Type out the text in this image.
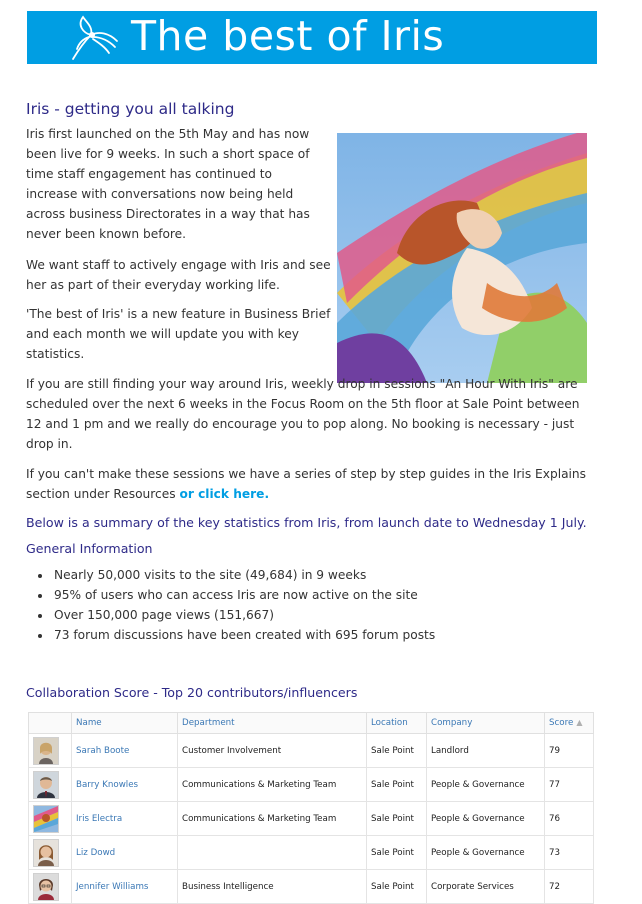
The best of Iris
Iris - getting you all talking

Iris first launched on the 5th May and has now been live for 9 weeks. In such a short space of time staff engagement has continued to increase with conversations now being held across business Directorates in a way that has never been known before.

We want staff to actively engage with Iris and see her as part of their everyday working life.

'The best of Iris' is a new feature in Business Brief and each month we will update you with key statistics.

If you are still finding your way around Iris, weekly drop in sessions "An Hour With Iris" are scheduled over the next 6 weeks in the Focus Room on the 5th floor at Sale Point between 12 and 1 pm and we really do encourage you to pop along. No booking is necessary - just drop in.

If you can't make these sessions we have a series of step by step guides in the Iris Explains section under Resources or click here.

Below is a summary of the key statistics from Iris, from launch date to Wednesday 1 July.

General Information

• Nearly 50,000 visits to the site (49,684) in 9 weeks
• 95% of users who can access Iris are now active on the site
• Over 150,000 page views (151,667)
• 73 forum discussions have been created with 695 forum posts

Collaboration Score - Top 20 contributors/influencers

	Name	Department	Location	Company	Score ▲

	Sarah Boote	Customer Involvement	Sale Point	Landlord	79

	Barry Knowles	Communications & Marketing Team	Sale Point	People & Governance	77

	Iris Electra	Communications & Marketing Team	Sale Point	People & Governance	76

	Liz Dowd		Sale Point	People & Governance	73

	Jennifer Williams	Business Intelligence	Sale Point	Corporate Services	72
